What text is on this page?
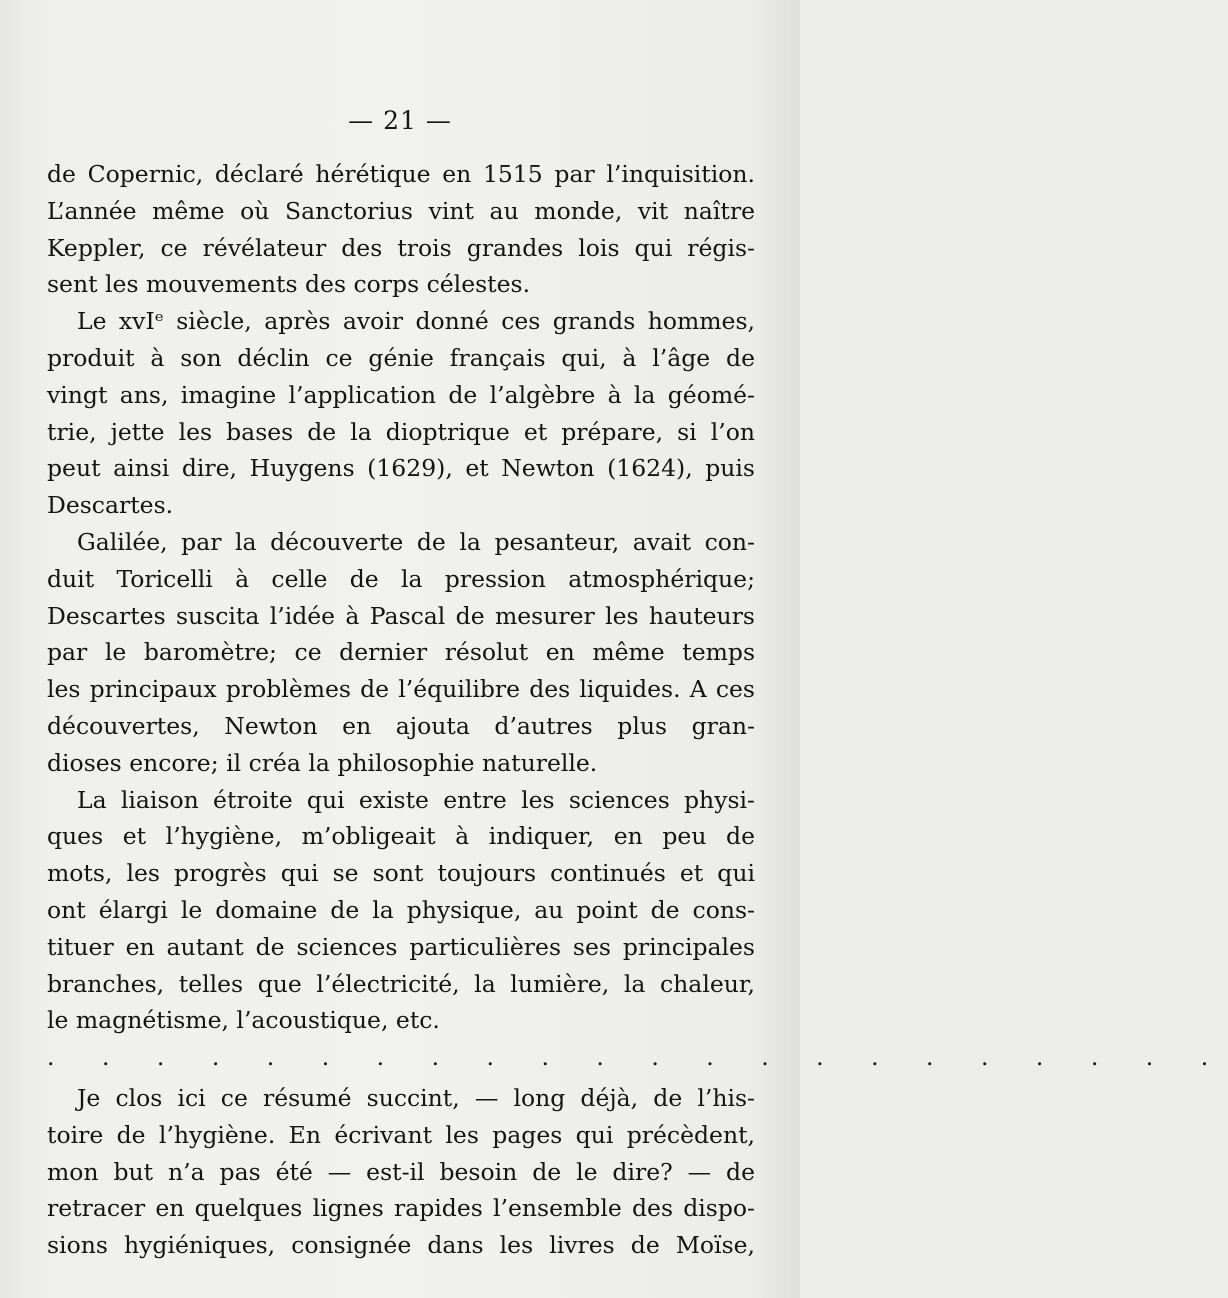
— 21 —
de Copernic, déclaré hérétique en 1515 par l’inquisition.
L’année même où Sanctorius vint au monde, vit naître
Keppler, ce révélateur des trois grandes lois qui régis-
sent les mouvements des corps célestes.
Le xvIᵉ siècle, après avoir donné ces grands hommes,
produit à son déclin ce génie français qui, à l’âge de
vingt ans, imagine l’application de l’algèbre à la géomé-
trie, jette les bases de la dioptrique et prépare, si l’on
peut ainsi dire, Huygens (1629), et Newton (1624), puis
Descartes.
Galilée, par la découverte de la pesanteur, avait con-
duit Toricelli à celle de la pression atmosphérique;
Descartes suscita l’idée à Pascal de mesurer les hauteurs
par le baromètre; ce dernier résolut en même temps
les principaux problèmes de l’équilibre des liquides. A ces
découvertes, Newton en ajouta d’autres plus gran-
dioses encore; il créa la philosophie naturelle.
La liaison étroite qui existe entre les sciences physi-
ques et l’hygiène, m’obligeait à indiquer, en peu de
mots, les progrès qui se sont toujours continués et qui
ont élargi le domaine de la physique, au point de cons-
tituer en autant de sciences particulières ses principales
branches, telles que l’électricité, la lumière, la chaleur,
le magnétisme, l’acoustique, etc.
. . . . . . . . . . . . . . . . . . . . . .
Je clos ici ce résumé succint, — long déjà, de l’his-
toire de l’hygiène. En écrivant les pages qui précèdent,
mon but n’a pas été — est-il besoin de le dire? — de
retracer en quelques lignes rapides l’ensemble des dispo-
sions hygiéniques, consignée dans les livres de Moïse,
